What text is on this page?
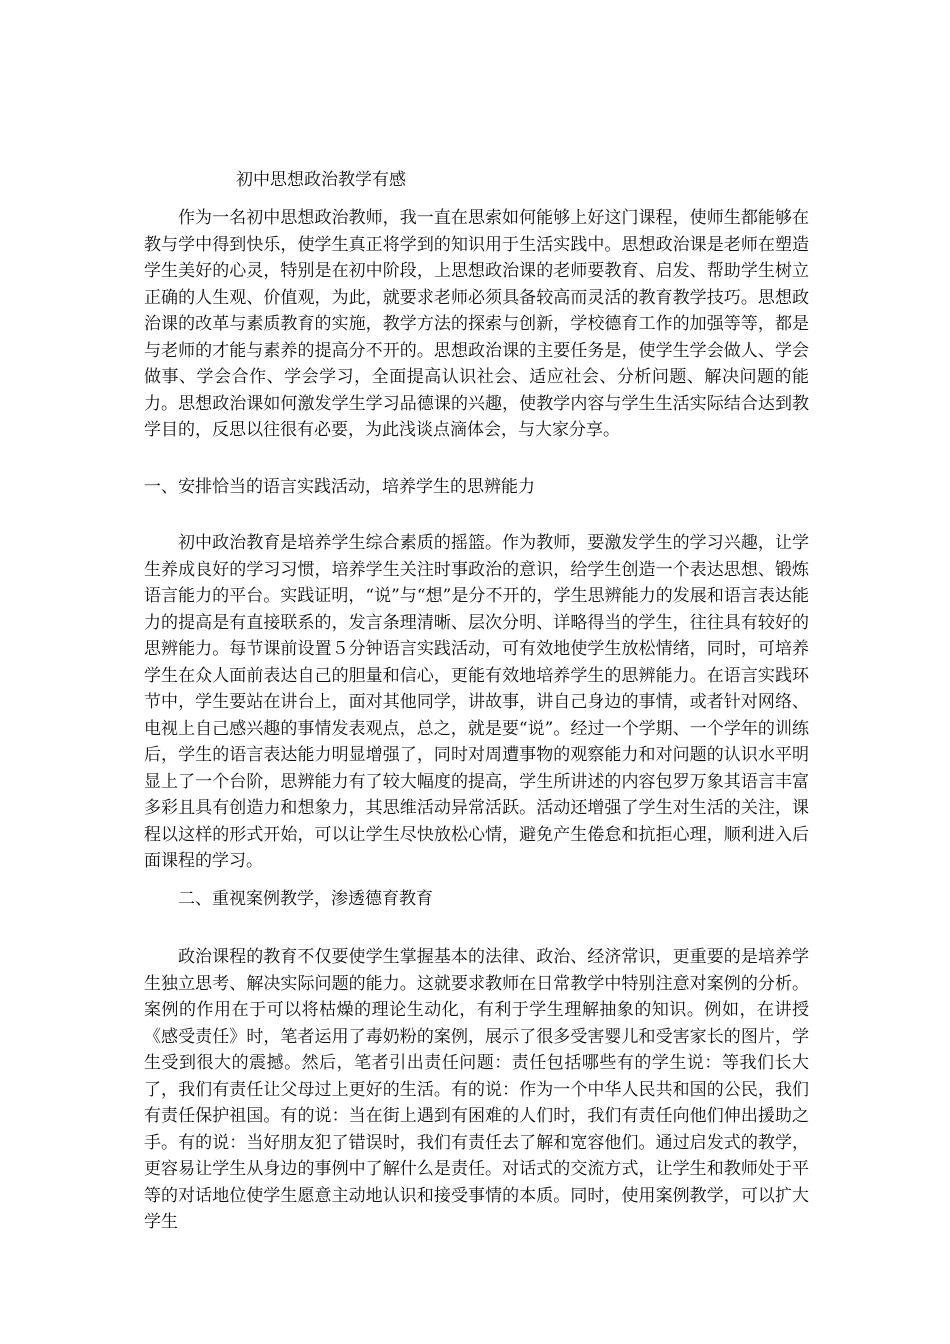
初中思想政治教学有感

作为一名初中思想政治教师，我一直在思索如何能够上好这门课程，使师生都能够在教与学中得到快乐，使学生真正将学到的知识用于生活实践中。思想政治课是老师在塑造学生美好的心灵，特别是在初中阶段，上思想政治课的老师要教育、启发、帮助学生树立正确的人生观、价值观，为此，就要求老师必须具备较高而灵活的教育教学技巧。思想政治课的改革与素质教育的实施，教学方法的探索与创新，学校德育工作的加强等等，都是与老师的才能与素养的提高分不开的。思想政治课的主要任务是，使学生学会做人、学会做事、学会合作、学会学习，全面提高认识社会、适应社会、分析问题、解决问题的能力。思想政治课如何激发学生学习品德课的兴趣，使教学内容与学生生活实际结合达到教学目的，反思以往很有必要，为此浅谈点滴体会，与大家分享。

一、安排恰当的语言实践活动，培养学生的思辨能力

初中政治教育是培养学生综合素质的摇篮。作为教师，要激发学生的学习兴趣，让学生养成良好的学习习惯，培养学生关注时事政治的意识，给学生创造一个表达思想、锻炼语言能力的平台。实践证明，“说”与“想”是分不开的，学生思辨能力的发展和语言表达能力的提高是有直接联系的，发言条理清晰、层次分明、详略得当的学生，往往具有较好的思辨能力。每节课前设置５分钟语言实践活动，可有效地使学生放松情绪，同时，可培养学生在众人面前表达自己的胆量和信心，更能有效地培养学生的思辨能力。在语言实践环节中，学生要站在讲台上，面对其他同学，讲故事，讲自己身边的事情，或者针对网络、电视上自己感兴趣的事情发表观点，总之，就是要“说”。经过一个学期、一个学年的训练后，学生的语言表达能力明显增强了，同时对周遭事物的观察能力和对问题的认识水平明显上了一个台阶，思辨能力有了较大幅度的提高，学生所讲述的内容包罗万象其语言丰富多彩且具有创造力和想象力，其思维活动异常活跃。活动还增强了学生对生活的关注，课程以这样的形式开始，可以让学生尽快放松心情，避免产生倦怠和抗拒心理，顺利进入后面课程的学习。

二、重视案例教学，渗透德育教育

政治课程的教育不仅要使学生掌握基本的法律、政治、经济常识，更重要的是培养学生独立思考、解决实际问题的能力。这就要求教师在日常教学中特别注意对案例的分析。案例的作用在于可以将枯燥的理论生动化，有利于学生理解抽象的知识。例如，在讲授《感受责任》时，笔者运用了毒奶粉的案例，展示了很多受害婴儿和受害家长的图片，学生受到很大的震撼。然后，笔者引出责任问题：责任包括哪些有的学生说：等我们长大了，我们有责任让父母过上更好的生活。有的说：作为一个中华人民共和国的公民，我们有责任保护祖国。有的说：当在街上遇到有困难的人们时，我们有责任向他们伸出援助之手。有的说：当好朋友犯了错误时，我们有责任去了解和宽容他们。通过启发式的教学，更容易让学生从身边的事例中了解什么是责任。对话式的交流方式，让学生和教师处于平等的对话地位使学生愿意主动地认识和接受事情的本质。同时，使用案例教学，可以扩大学生
